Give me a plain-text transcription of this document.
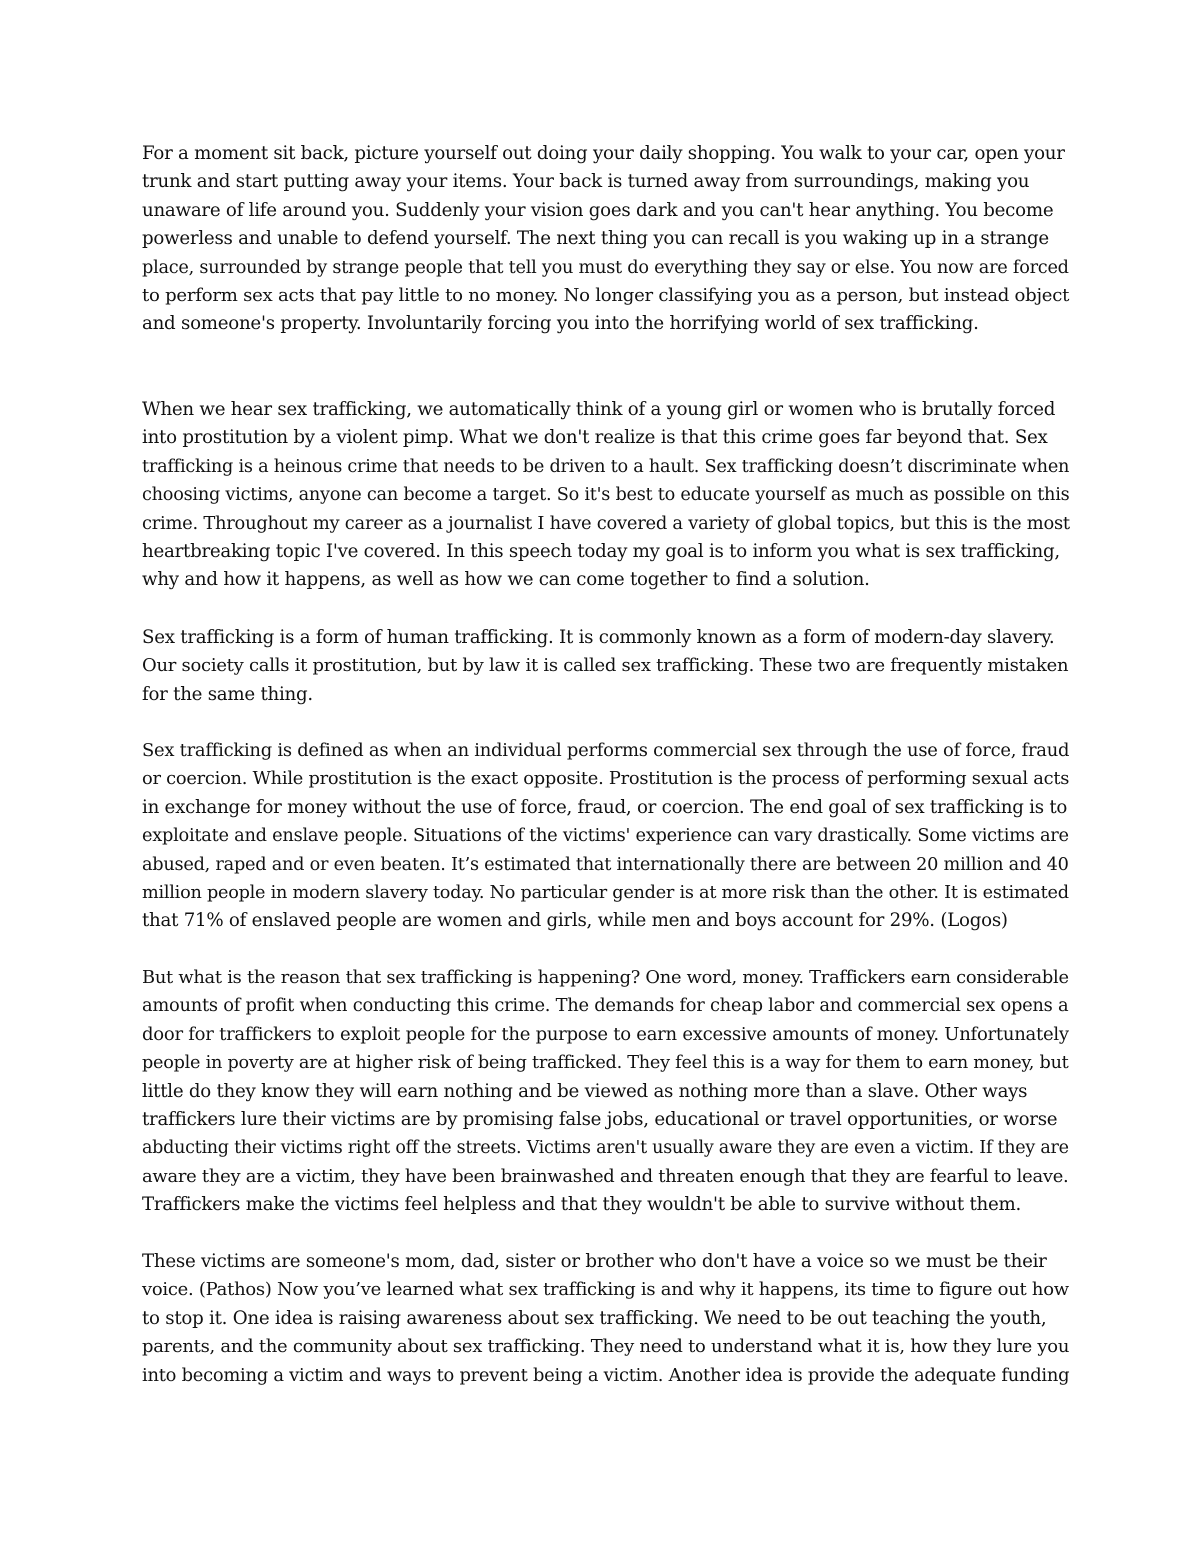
For a moment sit back, picture yourself out doing your daily shopping. You walk to your car, open your
trunk and start putting away your items. Your back is turned away from surroundings, making you
unaware of life around you. Suddenly your vision goes dark and you can't hear anything. You become
powerless and unable to defend yourself. The next thing you can recall is you waking up in a strange
place, surrounded by strange people that tell you must do everything they say or else. You now are forced
to perform sex acts that pay little to no money. No longer classifying you as a person, but instead object
and someone's property. Involuntarily forcing you into the horrifying world of sex trafficking.
When we hear sex trafficking, we automatically think of a young girl or women who is brutally forced
into prostitution by a violent pimp. What we don't realize is that this crime goes far beyond that. Sex
trafficking is a heinous crime that needs to be driven to a hault. Sex trafficking doesn’t discriminate when
choosing victims, anyone can become a target. So it's best to educate yourself as much as possible on this
crime. Throughout my career as a journalist I have covered a variety of global topics, but this is the most
heartbreaking topic I've covered. In this speech today my goal is to inform you what is sex trafficking,
why and how it happens, as well as how we can come together to find a solution.
Sex trafficking is a form of human trafficking. It is commonly known as a form of modern-day slavery.
Our society calls it prostitution, but by law it is called sex trafficking. These two are frequently mistaken
for the same thing.
Sex trafficking is defined as when an individual performs commercial sex through the use of force, fraud
or coercion. While prostitution is the exact opposite. Prostitution is the process of performing sexual acts
in exchange for money without the use of force, fraud, or coercion. The end goal of sex trafficking is to
exploitate and enslave people. Situations of the victims' experience can vary drastically. Some victims are
abused, raped and or even beaten. It’s estimated that internationally there are between 20 million and 40
million people in modern slavery today. No particular gender is at more risk than the other. It is estimated
that 71% of enslaved people are women and girls, while men and boys account for 29%. (Logos)
But what is the reason that sex trafficking is happening? One word, money. Traffickers earn considerable
amounts of profit when conducting this crime. The demands for cheap labor and commercial sex opens a
door for traffickers to exploit people for the purpose to earn excessive amounts of money. Unfortunately
people in poverty are at higher risk of being trafficked. They feel this is a way for them to earn money, but
little do they know they will earn nothing and be viewed as nothing more than a slave. Other ways
traffickers lure their victims are by promising false jobs, educational or travel opportunities, or worse
abducting their victims right off the streets. Victims aren't usually aware they are even a victim. If they are
aware they are a victim, they have been brainwashed and threaten enough that they are fearful to leave.
Traffickers make the victims feel helpless and that they wouldn't be able to survive without them.
These victims are someone's mom, dad, sister or brother who don't have a voice so we must be their
voice. (Pathos) Now you’ve learned what sex trafficking is and why it happens, its time to figure out how
to stop it. One idea is raising awareness about sex trafficking. We need to be out teaching the youth,
parents, and the community about sex trafficking. They need to understand what it is, how they lure you
into becoming a victim and ways to prevent being a victim. Another idea is provide the adequate funding
